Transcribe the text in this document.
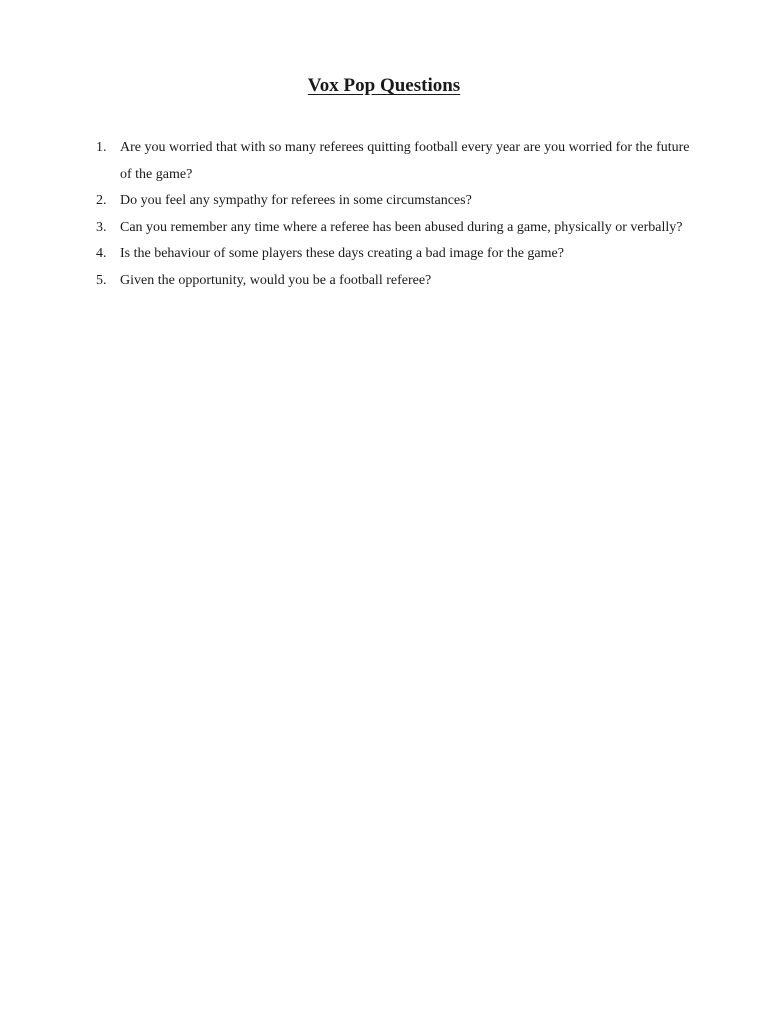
Vox Pop Questions
1. Are you worried that with so many referees quitting football every year are you worried for the future of the game?
2. Do you feel any sympathy for referees in some circumstances?
3. Can you remember any time where a referee has been abused during a game, physically or verbally?
4. Is the behaviour of some players these days creating a bad image for the game?
5. Given the opportunity, would you be a football referee?
